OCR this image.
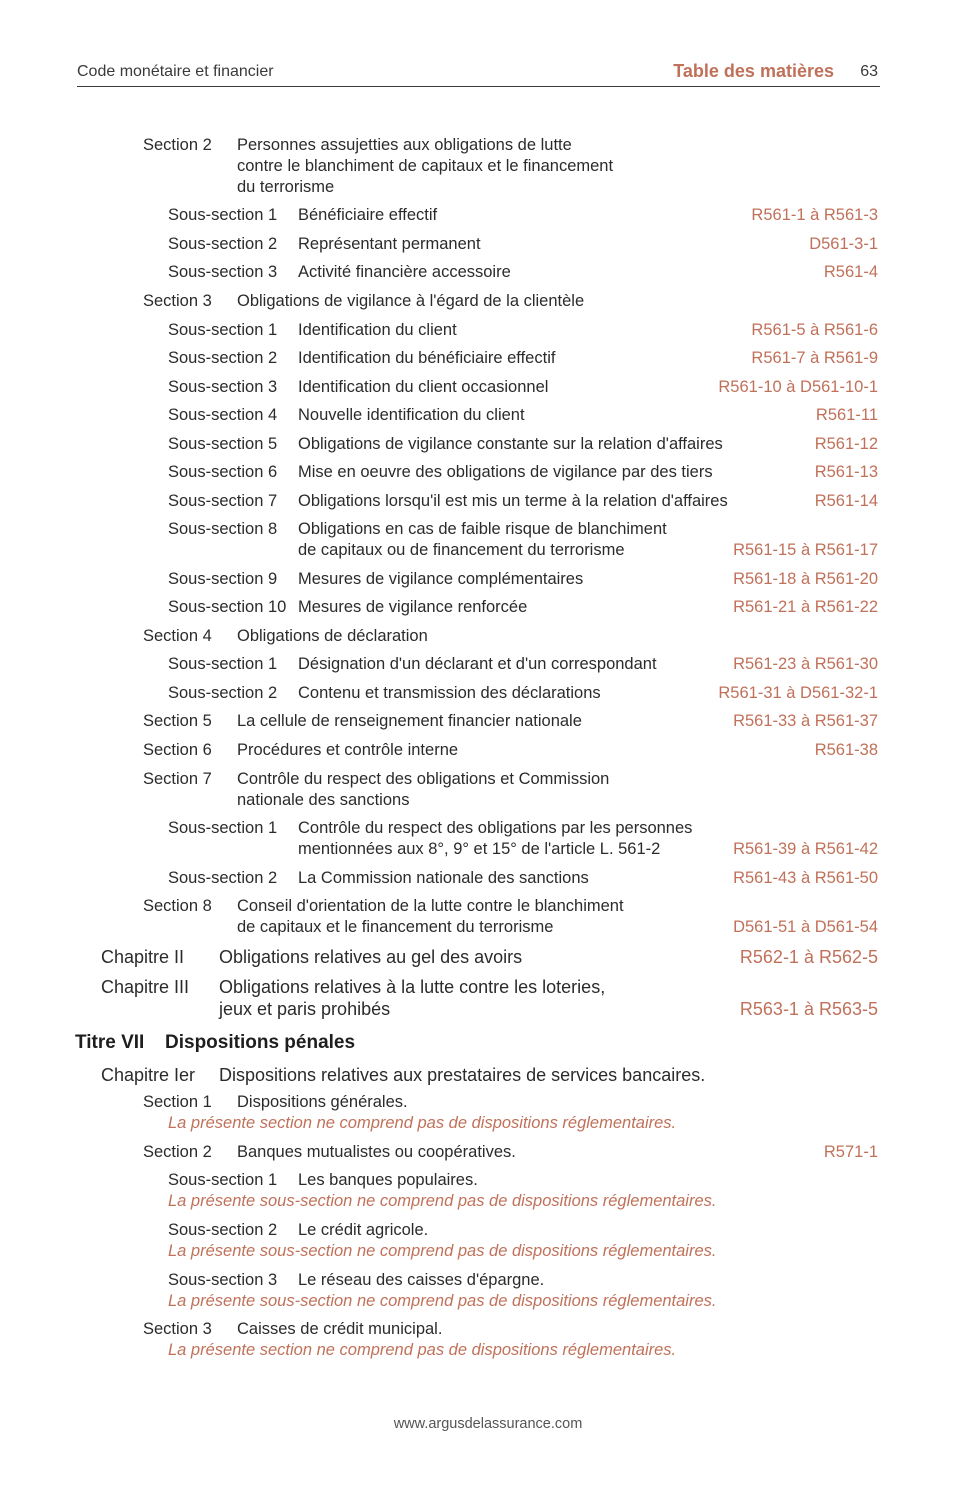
Code monétaire et financier	Table des matières 63
Section 2 Personnes assujetties aux obligations de lutte
contre le blanchiment de capitaux et le financement
du terrorisme
Sous-section 1 Bénéficiaire effectif	R561-1 à R561-3
Sous-section 2 Représentant permanent	D561-3-1
Sous-section 3 Activité financière accessoire	R561-4
Section 3 Obligations de vigilance à l'égard de la clientèle
Sous-section 1 Identification du client	R561-5 à R561-6
Sous-section 2 Identification du bénéficiaire effectif	R561-7 à R561-9
Sous-section 3 Identification du client occasionnel	R561-10 à D561-10-1
Sous-section 4 Nouvelle identification du client	R561-11
Sous-section 5 Obligations de vigilance constante sur la relation d'affaires	R561-12
Sous-section 6 Mise en oeuvre des obligations de vigilance par des tiers	R561-13
Sous-section 7 Obligations lorsqu'il est mis un terme à la relation d'affaires	R561-14
Sous-section 8 Obligations en cas de faible risque de blanchiment
de capitaux ou de financement du terrorisme	R561-15 à R561-17
Sous-section 9 Mesures de vigilance complémentaires	R561-18 à R561-20
Sous-section 10 Mesures de vigilance renforcée	R561-21 à R561-22
Section 4 Obligations de déclaration
Sous-section 1 Désignation d'un déclarant et d'un correspondant	R561-23 à R561-30
Sous-section 2 Contenu et transmission des déclarations	R561-31 à D561-32-1
Section 5 La cellule de renseignement financier nationale	R561-33 à R561-37
Section 6 Procédures et contrôle interne	R561-38
Section 7 Contrôle du respect des obligations et Commission
nationale des sanctions
Sous-section 1 Contrôle du respect des obligations par les personnes
mentionnées aux 8°, 9° et 15° de l'article L. 561-2	R561-39 à R561-42
Sous-section 2 La Commission nationale des sanctions	R561-43 à R561-50
Section 8 Conseil d'orientation de la lutte contre le blanchiment
de capitaux et le financement du terrorisme	D561-51 à D561-54
Chapitre II Obligations relatives au gel des avoirs	R562-1 à R562-5
Chapitre III Obligations relatives à la lutte contre les loteries,
jeux et paris prohibés	R563-1 à R563-5
Titre VII Dispositions pénales
Chapitre Ier Dispositions relatives aux prestataires de services bancaires.
Section 1 Dispositions générales.
La présente section ne comprend pas de dispositions réglementaires.
Section 2 Banques mutualistes ou coopératives.	R571-1
Sous-section 1 Les banques populaires.
La présente sous-section ne comprend pas de dispositions réglementaires.
Sous-section 2 Le crédit agricole.
La présente sous-section ne comprend pas de dispositions réglementaires.
Sous-section 3 Le réseau des caisses d'épargne.
La présente sous-section ne comprend pas de dispositions réglementaires.
Section 3 Caisses de crédit municipal.
La présente section ne comprend pas de dispositions réglementaires.
www.argusdelassurance.com
